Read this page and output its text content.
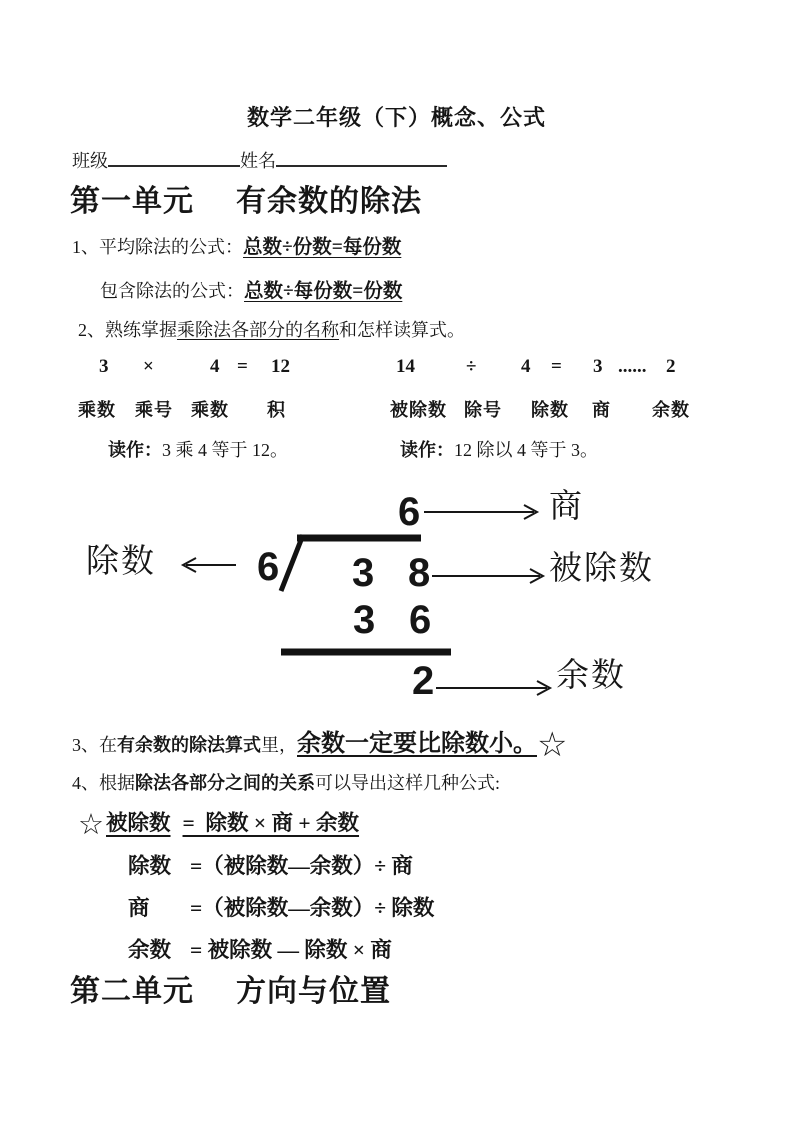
数学二年级（下）概念、公式
班级	姓名
第一单元 有余数的除法
1、平均除法的公式：总数÷份数=每份数
包含除法的公式：总数÷每份数=份数
2、熟练掌握乘除法各部分的名称和怎样读算式。
3 ×	4 = 12
乘数 乘号 乘数 积
读作：3 乘 4 等于 12。
14	÷ 4 = 3 ...... 2
被除数 除号 除数 商 余数
读作：12 除以 4 等于 3。
6	商
6
除数	3 8	被除数
3 6
2	余数
3、在有余数的除法算式里，余数一定要比除数小。☆
4、根据除法各部分之间的关系可以导出这样几种公式:
☆被除数 =  除数 × 商 + 余数
除数 =（被除数—余数）÷ 商
商 =（被除数—余数）÷ 除数
余数 = 被除数 — 除数 × 商
第二单元 方向与位置
